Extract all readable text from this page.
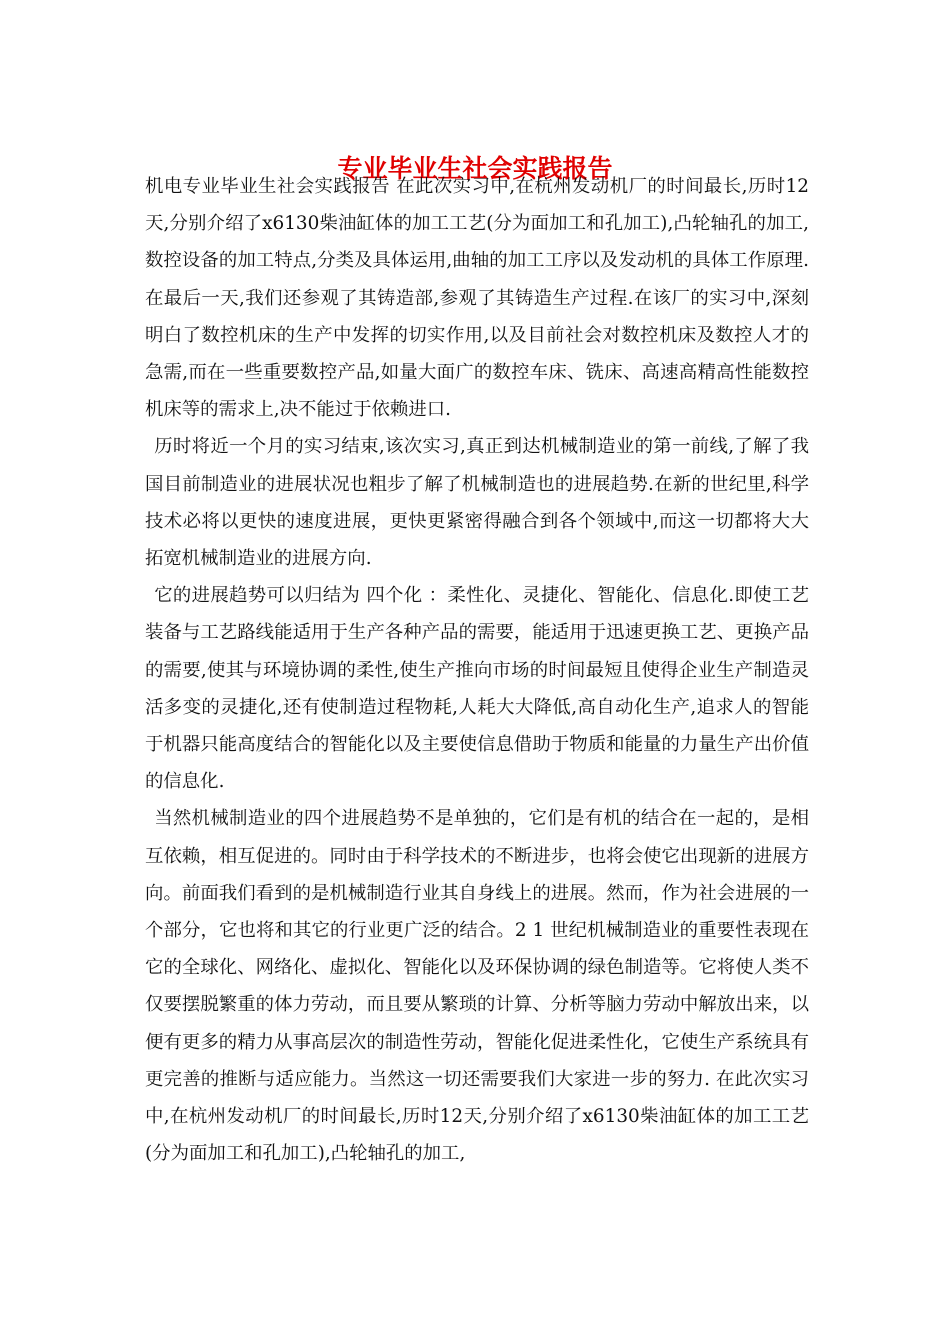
专业毕业生社会实践报告

机电专业毕业生社会实践报告 在此次实习中,在杭州发动机厂的时间最长,历时12天,分别介绍了x6130柴油缸体的加工工艺(分为面加工和孔加工),凸轮轴孔的加工,数控设备的加工特点,分类及具体运用,曲轴的加工工序以及发动机的具体工作原理.在最后一天,我们还参观了其铸造部,参观了其铸造生产过程.在该厂的实习中,深刻明白了数控机床的生产中发挥的切实作用,以及目前社会对数控机床及数控人才的急需,而在一些重要数控产品,如量大面广的数控车床、铣床、高速高精高性能数控机床等的需求上,决不能过于依赖进口.

历时将近一个月的实习结束,该次实习,真正到达机械制造业的第一前线,了解了我国目前制造业的进展状况也粗步了解了机械制造也的进展趋势.在新的世纪里,科学技术必将以更快的速度进展，更快更紧密得融合到各个领域中,而这一切都将大大拓宽机械制造业的进展方向.

它的进展趋势可以归结为 四个化 ：柔性化、灵捷化、智能化、信息化.即使工艺装备与工艺路线能适用于生产各种产品的需要，能适用于迅速更换工艺、更换产品的需要,使其与环境协调的柔性,使生产推向市场的时间最短且使得企业生产制造灵活多变的灵捷化,还有使制造过程物耗,人耗大大降低,高自动化生产,追求人的智能于机器只能高度结合的智能化以及主要使信息借助于物质和能量的力量生产出价值的信息化.

当然机械制造业的四个进展趋势不是单独的，它们是有机的结合在一起的，是相互依赖，相互促进的。同时由于科学技术的不断进步，也将会使它出现新的进展方向。前面我们看到的是机械制造行业其自身线上的进展。然而，作为社会进展的一个部分，它也将和其它的行业更广泛的结合。2 1 世纪机械制造业的重要性表现在它的全球化、网络化、虚拟化、智能化以及环保协调的绿色制造等。它将使人类不仅要摆脱繁重的体力劳动，而且要从繁琐的计算、分析等脑力劳动中解放出来，以便有更多的精力从事高层次的制造性劳动，智能化促进柔性化，它使生产系统具有更完善的推断与适应能力。当然这一切还需要我们大家进一步的努力. 在此次实习中,在杭州发动机厂的时间最长,历时12天,分别介绍了x6130柴油缸体的加工工艺(分为面加工和孔加工),凸轮轴孔的加工,
